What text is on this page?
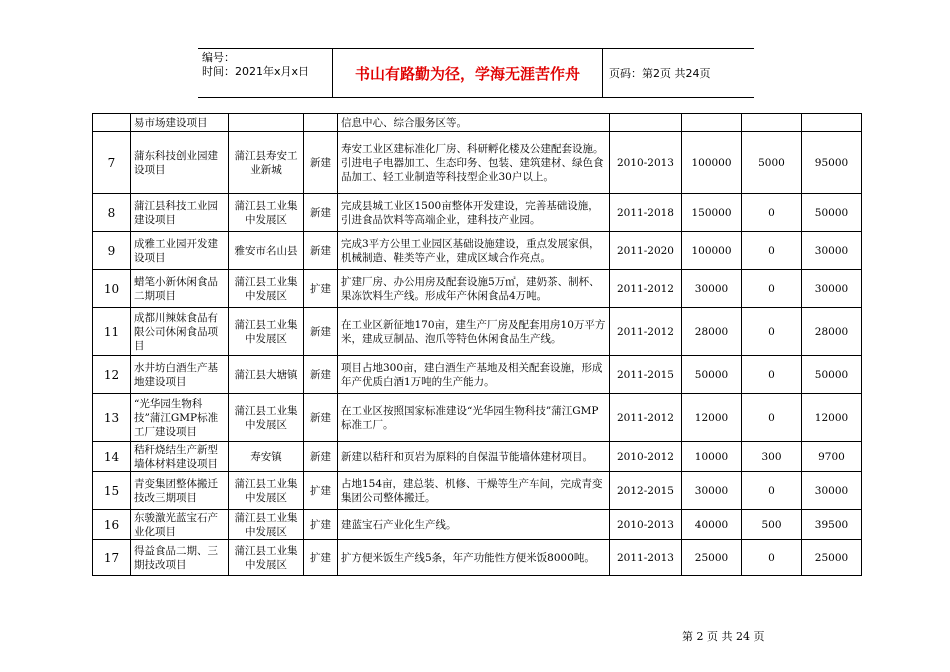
编号：
时间：2021年x月x日	书山有路勤为径，学海无涯苦作舟	页码：第2页 共24页
	易市场建设项目			信息中心、综合服务区等。				
7	蒲东科技创业园建设项目	蒲江县寿安工业新城	新建	寿安工业区建标准化厂房、科研孵化楼及公建配套设施。引进电子电器加工、生态印务、包装、建筑建材、绿色食品加工、轻工业制造等科技型企业30户以上。	2010-2013	100000	5000	95000
8	蒲江县科技工业园建设项目	蒲江县工业集中发展区	新建	完成县城工业区1500亩整体开发建设，完善基础设施，引进食品饮料等高端企业，建科技产业园。	2011-2018	150000	0	50000
9	成雅工业园开发建设项目	雅安市名山县	新建	完成3平方公里工业园区基础设施建设，重点发展家俱，机械制造、鞋类等产业，建成区域合作亮点。	2011-2020	100000	0	30000
10	蜡笔小新休闲食品二期项目	蒲江县工业集中发展区	扩建	扩建厂房、办公用房及配套设施5万㎡，建奶茶、制杯、果冻饮料生产线。形成年产休闲食品4万吨。	2011-2012	30000	0	30000
11	成都川辣妹食品有限公司休闲食品项目	蒲江县工业集中发展区	新建	在工业区新征地170亩，建生产厂房及配套用房10万平方米，建成豆制品、泡爪等特色休闲食品生产线。	2011-2012	28000	0	28000
12	水井坊白酒生产基地建设项目	蒲江县大塘镇	新建	项目占地300亩，建白酒生产基地及相关配套设施，形成年产优质白酒1万吨的生产能力。	2011-2015	50000	0	50000
13	“光华园生物科技”蒲江GMP标准工厂建设项目	蒲江县工业集中发展区	新建	在工业区按照国家标准建设“光华园生物科技”蒲江GMP标准工厂。	2011-2012	12000	0	12000
14	秸秆烧结生产新型墙体材料建设项目	寿安镇	新建	新建以秸秆和页岩为原料的自保温节能墙体建材项目。	2010-2012	10000	300	9700
15	青变集团整体搬迁技改三期项目	蒲江县工业集中发展区	扩建	占地154亩，建总装、机修、干燥等生产车间，完成青变集团公司整体搬迁。	2012-2015	30000	0	30000
16	东骏激光蓝宝石产业化项目	蒲江县工业集中发展区	扩建	建蓝宝石产业化生产线。	2010-2013	40000	500	39500
17	得益食品二期、三期技改项目	蒲江县工业集中发展区	扩建	扩方便米饭生产线5条，年产功能性方便米饭8000吨。	2011-2013	25000	0	25000
第 2 页 共 24 页
